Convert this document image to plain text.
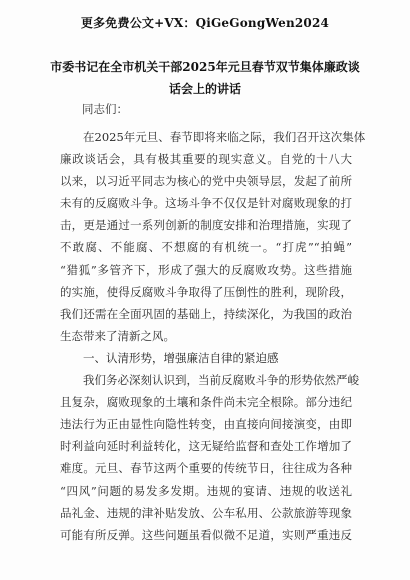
更多免费公文+VX：QiGeGongWen2024
市委书记在全市机关干部2025年元旦春节双节集体廉政谈
话会上的讲话
同志们：
在2025年元旦、春节即将来临之际，我们召开这次集体
廉政谈话会，具有极其重要的现实意义。自党的十八大
以来，以习近平同志为核心的党中央领导层，发起了前所
未有的反腐败斗争。这场斗争不仅仅是针对腐败现象的打
击，更是通过一系列创新的制度安排和治理措施，实现了
不敢腐、不能腐、不想腐的有机统一。“打虎”“拍蝇”
“猎狐”多管齐下，形成了强大的反腐败攻势。这些措施
的实施，使得反腐败斗争取得了压倒性的胜利，现阶段，
我们还需在全面巩固的基础上，持续深化，为我国的政治
生态带来了清新之风。
一、认清形势，增强廉洁自律的紧迫感
我们务必深刻认识到，当前反腐败斗争的形势依然严峻
且复杂，腐败现象的土壤和条件尚未完全根除。部分违纪
违法行为正由显性向隐性转变，由直接向间接演变，由即
时利益向延时利益转化，这无疑给监督和查处工作增加了
难度。元旦、春节这两个重要的传统节日，往往成为各种
“四风”问题的易发多发期。违规的宴请、违规的收送礼
品礼金、违规的津补贴发放、公车私用、公款旅游等现象
可能有所反弹。这些问题虽看似微不足道，实则严重违反
